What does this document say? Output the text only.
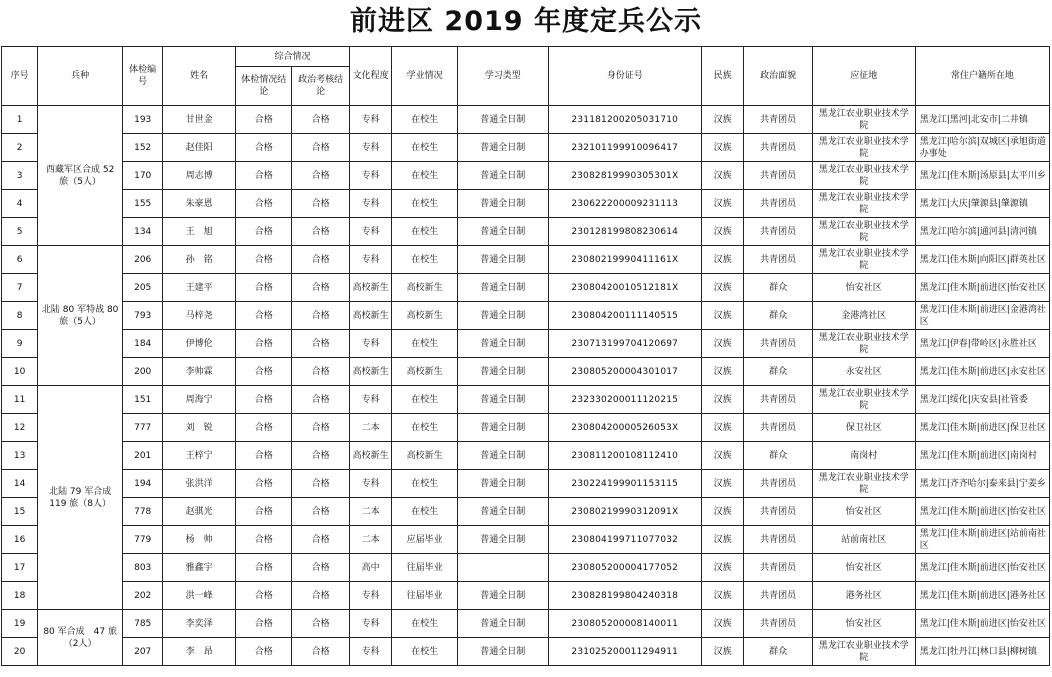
前进区 2019 年度定兵公示
序号	兵种	体检编号	姓名	综合情况		文化程度	学业情况	学习类型	身份证号	民族	政治面貌	应征地	常住户籍所在地
				体检情况结论	政治考核结论								
1	西藏军区合成 52 旅（5人）	193	甘世金	合格	合格	专科	在校生	普通全日制	231181200205031710	汉族	共青团员	黑龙江农业职业技术学院	黑龙江|黑河|北安市|二井镇
2		152	赵佳阳	合格	合格	专科	在校生	普通全日制	232101199910096417	汉族	共青团员	黑龙江农业职业技术学院	黑龙江|哈尔滨|双城区|承旭街道办事处
3		170	周志博	合格	合格	专科	在校生	普通全日制	23082819990305301X	汉族	共青团员	黑龙江农业职业技术学院	黑龙江|佳木斯|汤原县|太平川乡
4		155	朱豪恩	合格	合格	专科	在校生	普通全日制	230622200009231113	汉族	共青团员	黑龙江农业职业技术学院	黑龙江|大庆|肇源县|肇源镇
5		134	王　旭	合格	合格	专科	在校生	普通全日制	230128199808230614	汉族	共青团员	黑龙江农业职业技术学院	黑龙江|哈尔滨|通河县|清河镇
6	北陆 80 军特战 80 旅（5人）	206	孙　铭	合格	合格	专科	在校生	普通全日制	23080219990411161X	汉族	共青团员	黑龙江农业职业技术学院	黑龙江|佳木斯|向阳区|群英社区
7		205	王建平	合格	合格	高校新生	高校新生	普通全日制	23080420010512181X	汉族	群众	怡安社区	黑龙江|佳木斯|前进区|怡安社区
8		793	马梓尧	合格	合格	高校新生	高校新生	普通全日制	230804200111140515	汉族	群众	金港湾社区	黑龙江|佳木斯|前进区|金港湾社区
9		184	伊博伦	合格	合格	专科	在校生	普通全日制	230713199704120697	汉族	共青团员	黑龙江农业职业技术学院	黑龙江|伊春|带岭区|永胜社区
10		200	李帅霖	合格	合格	高校新生	高校新生	普通全日制	230805200004301017	汉族	群众	永安社区	黑龙江|佳木斯|前进区|永安社区
11	北陆 79 军合成 119 旅（8人）	151	周海宁	合格	合格	专科	在校生	普通全日制	232330200011120215	汉族	共青团员	黑龙江农业职业技术学院	黑龙江|绥化|庆安县|社管委
12		777	刘　锐	合格	合格	二本	在校生	普通全日制	23080420000526053X	汉族	共青团员	保卫社区	黑龙江|佳木斯|前进区|保卫社区
13		201	王梓宁	合格	合格	高校新生	高校新生	普通全日制	230811200108112410	汉族	群众	南岗村	黑龙江|佳木斯|前进区|南岗村
14		194	张洪洋	合格	合格	专科	在校生	普通全日制	230224199901153115	汉族	共青团员	黑龙江农业职业技术学院	黑龙江|齐齐哈尔|泰来县|宁姜乡
15		778	赵骐光	合格	合格	二本	在校生	普通全日制	23080219990312091X	汉族	共青团员	怡安社区	黑龙江|佳木斯|前进区|怡安社区
16		779	杨　帅	合格	合格	二本	应届毕业	普通全日制	230804199711077032	汉族	共青团员	站前南社区	黑龙江|佳木斯|前进区|站前南社区
17		803	雅鑫宇	合格	合格	高中	往届毕业		230805200004177052	汉族	共青团员	怡安社区	黑龙江|佳木斯|前进区|怡安社区
18		202	洪一峰	合格	合格	专科	往届毕业	普通全日制	230828199804240318	汉族	共青团员	港务社区	黑龙江|佳木斯|前进区|港务社区
19	80 军合成　47 旅（2人）	785	李奕泽	合格	合格	专科	在校生	普通全日制	230805200008140011	汉族	共青团员	怡安社区	黑龙江|佳木斯|前进区|怡安社区
20		207	李　昂	合格	合格	专科	在校生	普通全日制	231025200011294911	汉族	群众	黑龙江农业职业技术学院	黑龙江|牡丹江|林口县|柳树镇
